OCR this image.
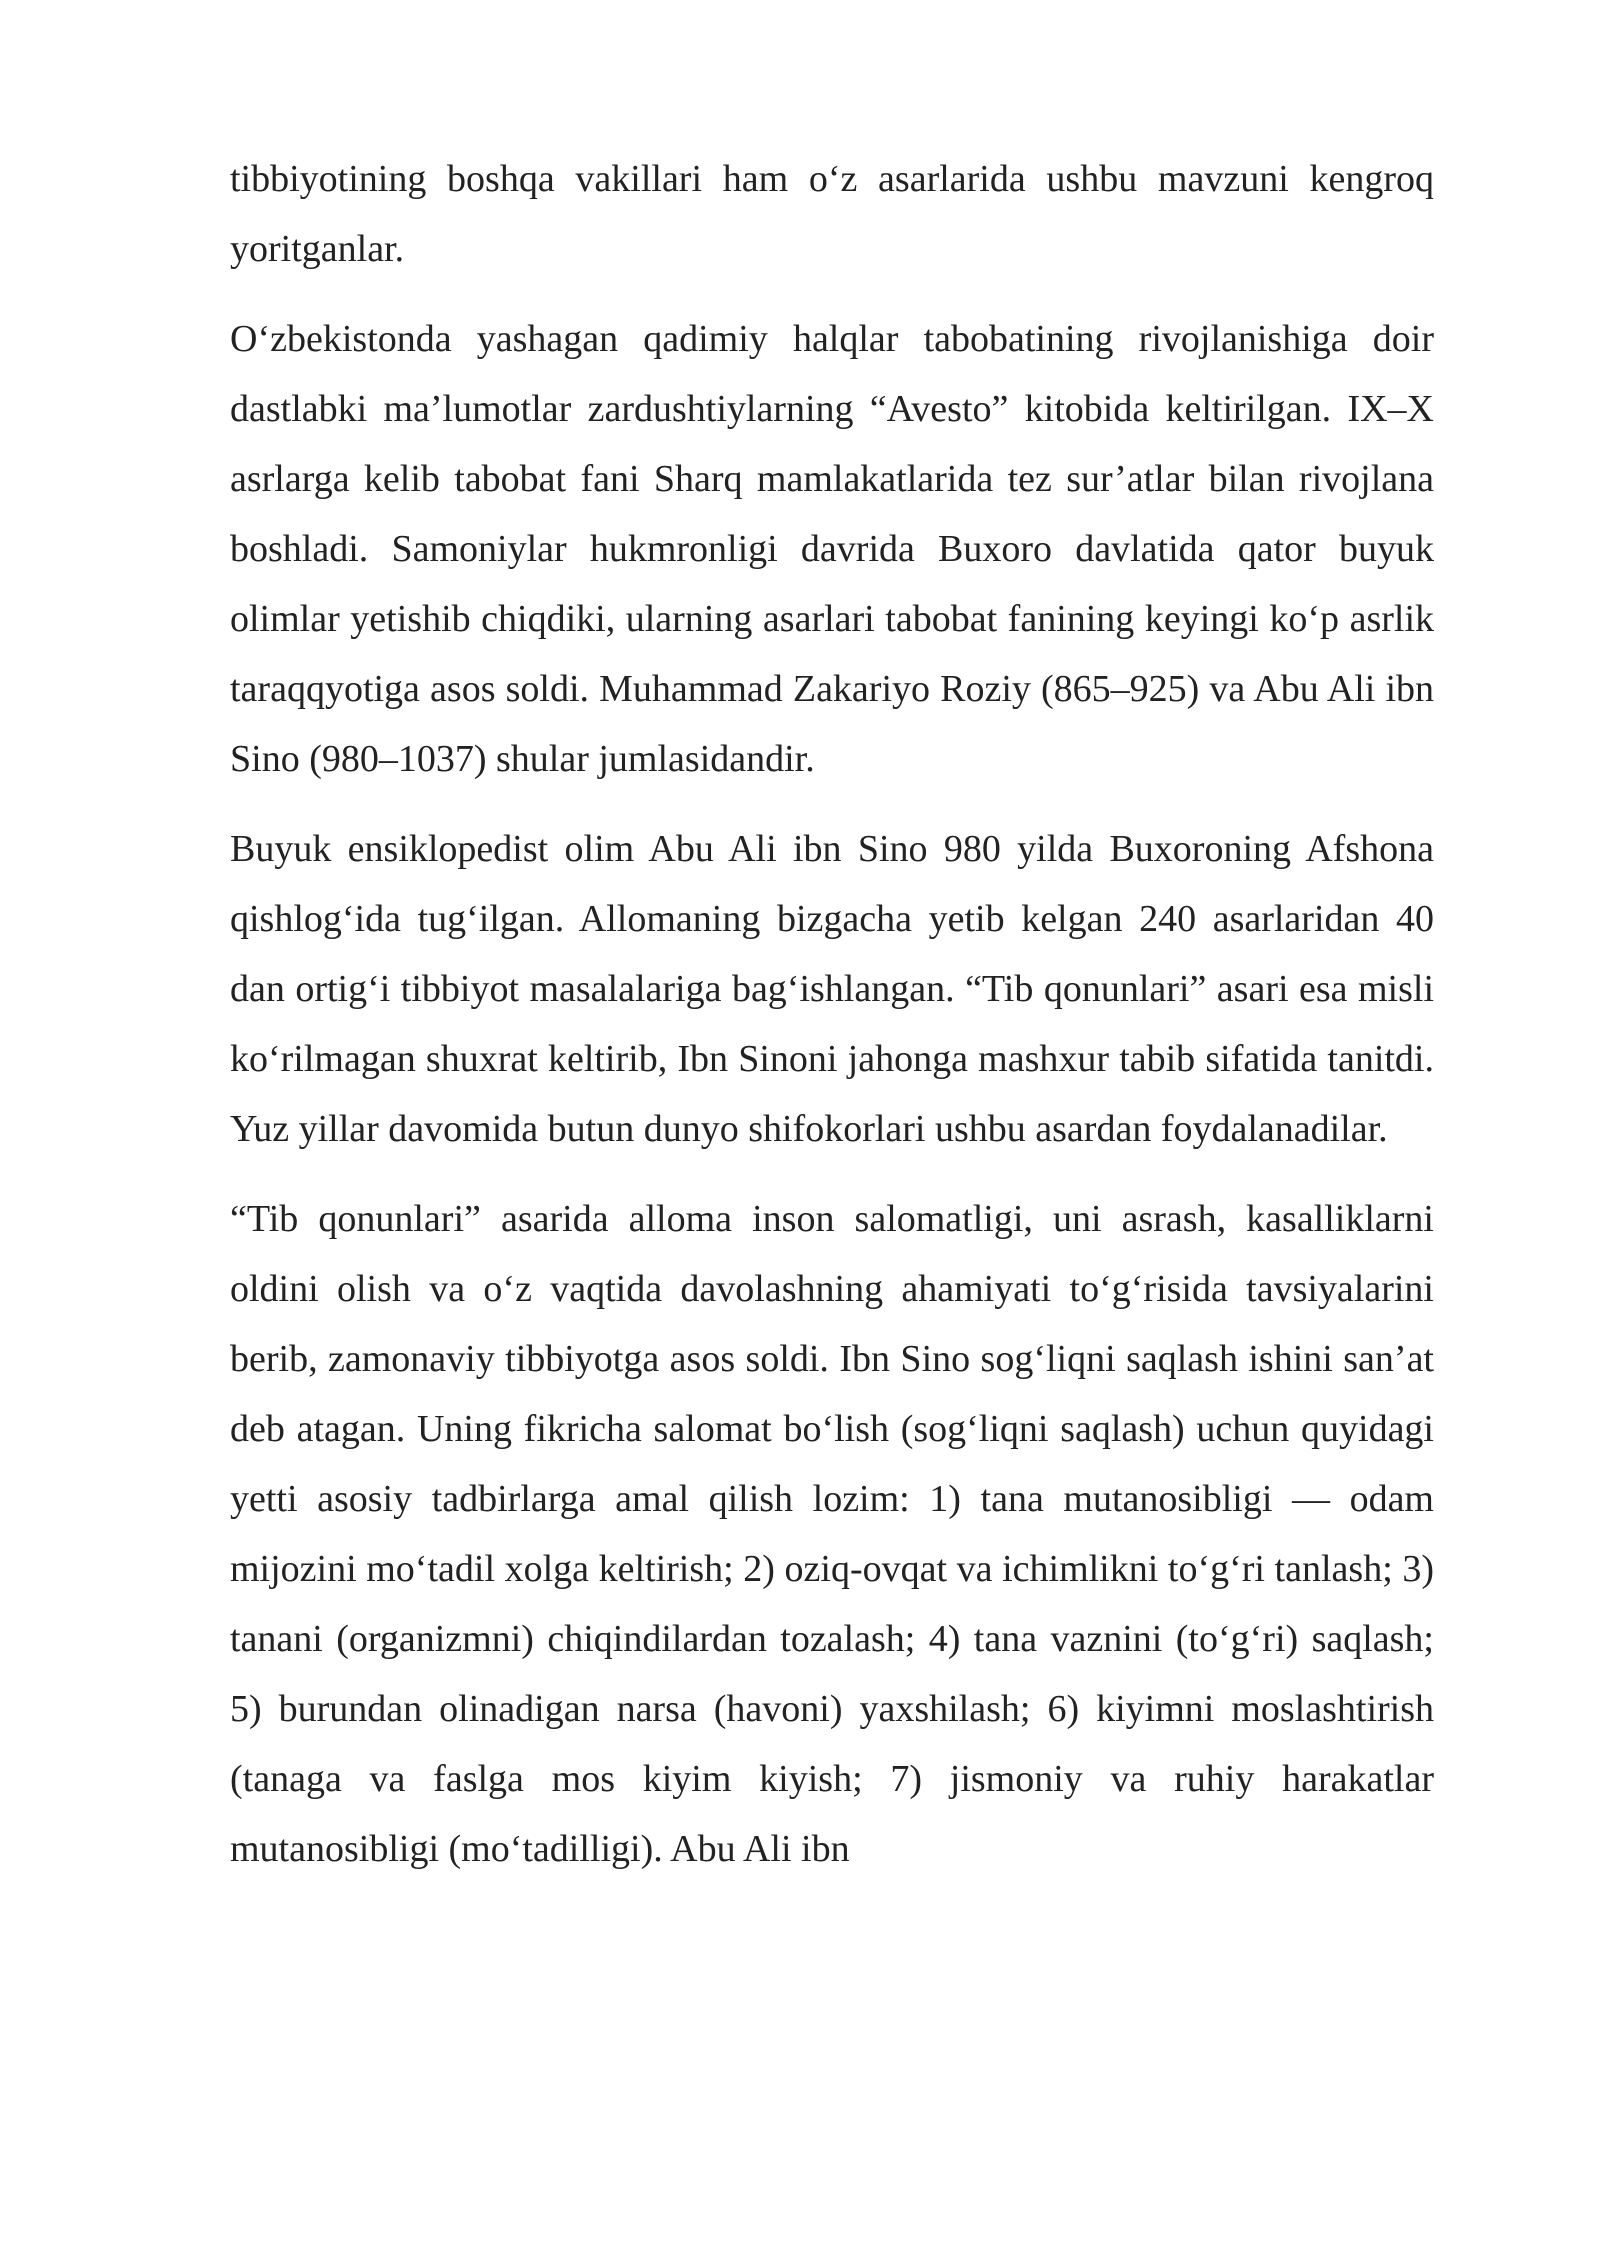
tibbiyotining boshqa vakillari ham o‘z asarlarida ushbu mavzuni kengroq yoritganlar.

O‘zbekistonda yashagan qadimiy halqlar tabobatining rivojlanishiga doir dastlabki ma’lumotlar zardushtiylarning “Avesto” kitobida keltirilgan. IX–X asrlarga kelib tabobat fani Sharq mamlakatlarida tez sur’atlar bilan rivojlana boshladi. Samoniylar hukmronligi davrida Buxoro davlatida qator buyuk olimlar yetishib chiqdiki, ularning asarlari tabobat fanining keyingi ko‘p asrlik taraqqyotiga asos soldi. Muhammad Zakariyo Roziy (865–925) va Abu Ali ibn Sino (980–1037) shular jumlasidandir.

Buyuk ensiklopedist olim Abu Ali ibn Sino 980 yilda Buxoroning Afshona qishlog‘ida tug‘ilgan. Allomaning bizgacha yetib kelgan 240 asarlaridan 40 dan ortig‘i tibbiyot masalalariga bag‘ishlangan. “Tib qonunlari” asari esa misli ko‘rilmagan shuxrat keltirib, Ibn Sinoni jahonga mashxur tabib sifatida tanitdi. Yuz yillar davomida butun dunyo shifokorlari ushbu asardan foydalanadilar.

“Tib qonunlari” asarida alloma inson salomatligi, uni asrash, kasalliklarni oldini olish va o‘z vaqtida davolashning ahamiyati to‘g‘risida tavsiyalarini berib, zamonaviy tibbiyotga asos soldi. Ibn Sino sog‘liqni saqlash ishini san’at deb atagan. Uning fikricha salomat bo‘lish (sog‘liqni saqlash) uchun quyidagi yetti asosiy tadbirlarga amal qilish lozim: 1) tana mutanosibligi — odam mijozini mo‘tadil xolga keltirish; 2) oziq-ovqat va ichimlikni to‘g‘ri tanlash; 3) tanani (organizmni) chiqindilardan tozalash; 4) tana vaznini (to‘g‘ri) saqlash; 5) burundan olinadigan narsa (havoni) yaxshilash; 6) kiyimni moslashtirish (tanaga va faslga mos kiyim kiyish; 7) jismoniy va ruhiy harakatlar mutanosibligi (mo‘tadilligi). Abu Ali ibn
